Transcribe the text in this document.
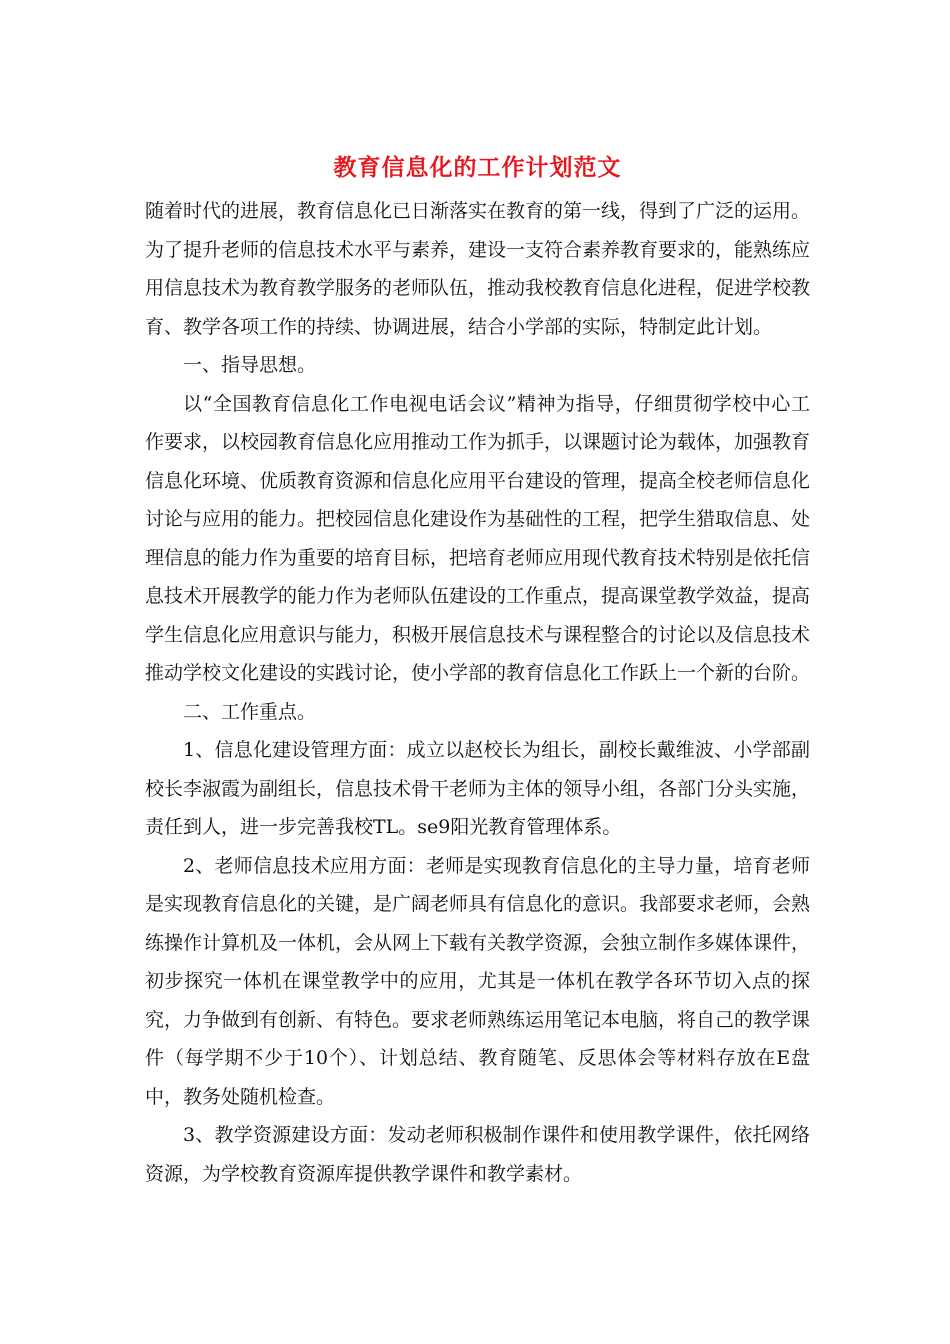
教育信息化的工作计划范文

随着时代的进展，教育信息化已日渐落实在教育的第一线，得到了广泛的运用。为了提升老师的信息技术水平与素养，建设一支符合素养教育要求的，能熟练应用信息技术为教育教学服务的老师队伍，推动我校教育信息化进程，促进学校教育、教学各项工作的持续、协调进展，结合小学部的实际，特制定此计划。

一、指导思想。

以“全国教育信息化工作电视电话会议”精神为指导，仔细贯彻学校中心工作要求，以校园教育信息化应用推动工作为抓手，以课题讨论为载体，加强教育信息化环境、优质教育资源和信息化应用平台建设的管理，提高全校老师信息化讨论与应用的能力。把校园信息化建设作为基础性的工程，把学生猎取信息、处理信息的能力作为重要的培育目标，把培育老师应用现代教育技术特别是依托信息技术开展教学的能力作为老师队伍建设的工作重点，提高课堂教学效益，提高学生信息化应用意识与能力，积极开展信息技术与课程整合的讨论以及信息技术推动学校文化建设的实践讨论，使小学部的教育信息化工作跃上一个新的台阶。

二、工作重点。

1、信息化建设管理方面：成立以赵校长为组长，副校长戴维波、小学部副校长李淑霞为副组长，信息技术骨干老师为主体的领导小组，各部门分头实施，责任到人，进一步完善我校TL。se9阳光教育管理体系。

2、老师信息技术应用方面：老师是实现教育信息化的主导力量，培育老师是实现教育信息化的关键，是广阔老师具有信息化的意识。我部要求老师，会熟练操作计算机及一体机，会从网上下载有关教学资源，会独立制作多媒体课件，初步探究一体机在课堂教学中的应用，尤其是一体机在教学各环节切入点的探究，力争做到有创新、有特色。要求老师熟练运用笔记本电脑，将自己的教学课件（每学期不少于10个）、计划总结、教育随笔、反思体会等材料存放在E盘中，教务处随机检查。

3、教学资源建设方面：发动老师积极制作课件和使用教学课件，依托网络资源，为学校教育资源库提供教学课件和教学素材。
